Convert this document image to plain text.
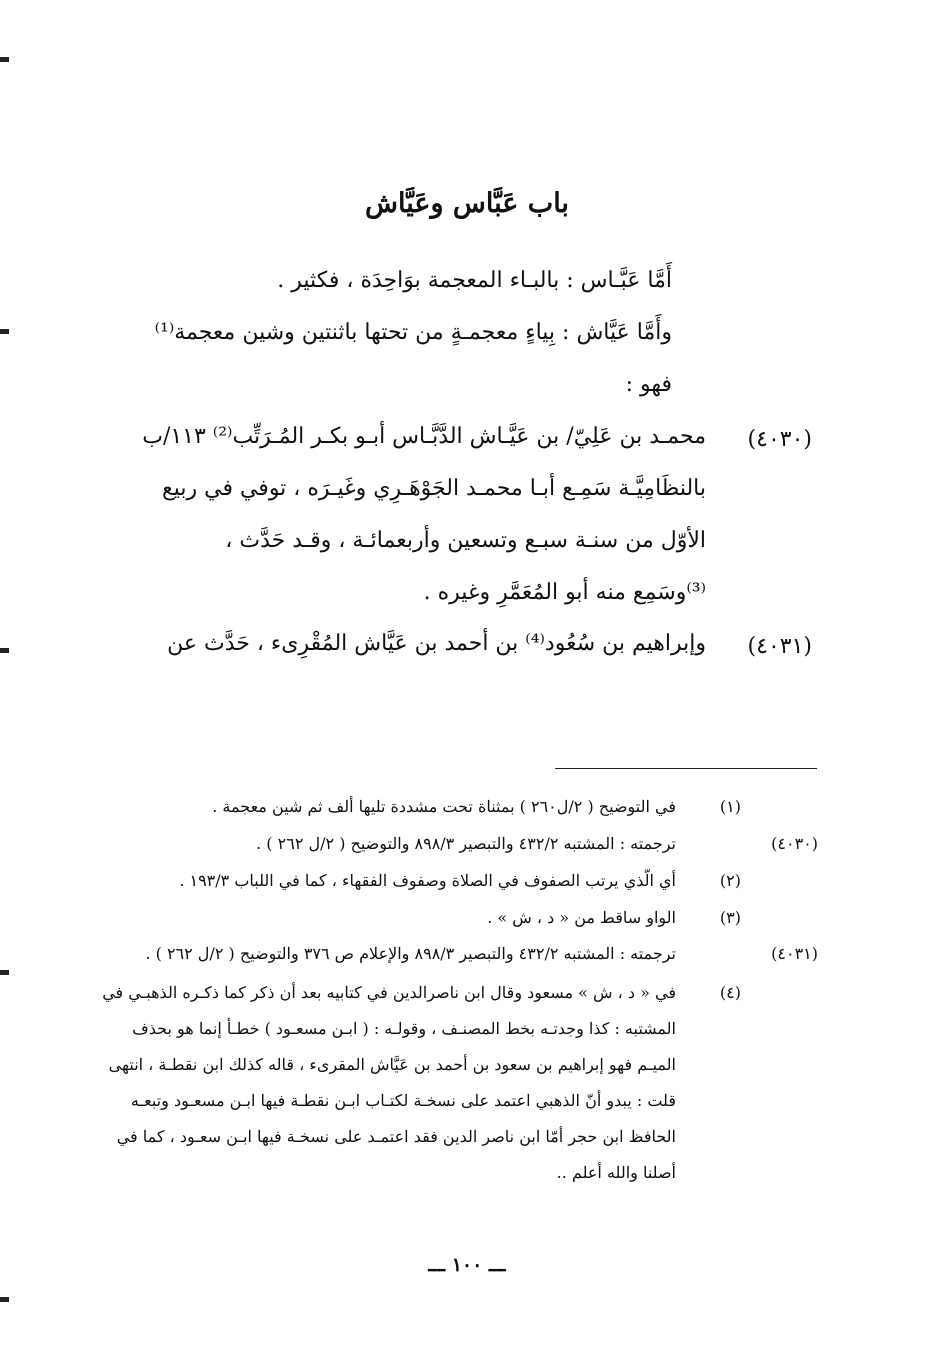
باب عَبَّاس وعَيَّاش
أَمَّا عَبَّـاس : بالبـاء المعجمة بوَاحِدَة ، فكثير .
وأَمَّا عَيَّاش : بِياءٍ معجمـةٍ من تحتها باثنتين وشين معجمة⁽¹⁾
فهو :
(٤٠٣٠)
محمـد بن عَلِيّ/ بن عَيَّـاش الدَّبَّـاس أبـو بكـر المُـرَتِّب⁽²⁾ ١١٣/ب
بالنظَامِيَّـة سَمِـع أبـا محمـد الجَوْهَـرِي وغَيـرَه ، توفي في ربيع
الأوّل من سنـة سبـع وتسعين وأربعمائـة ، وقـد حَدَّث ،
⁽³⁾وسَمِع منه أبو المُعَمَّرِ وغيره .
(٤٠٣١)
وإبراهيم بن سُعُود⁽⁴⁾ بن أحمد بن عَيَّاش المُقْرِىء ، حَدَّث عن
(١)
في التوضيح ( ٢/ل٢٦٠ ) بمثناة تحت مشددة تليها ألف ثم شين معجمة .
(٤٠٣٠)
ترجمته : المشتبه ٤٣٢/٢ والتبصير ٨٩٨/٣ والتوضيح ( ٢/ل ٢٦٢ ) .
(٢)
أي الّذي يرتب الصفوف في الصلاة وصفوف الفقهاء ، كما في اللباب ١٩٣/٣ .
(٣)
الواو ساقط من « د ، ش » .
(٤٠٣١)
ترجمته : المشتبه ٤٣٢/٢ والتبصير ٨٩٨/٣ والإعلام ص ٣٧٦ والتوضيح ( ٢/ل ٢٦٢ ) .
(٤)
في « د ، ش » مسعود وقال ابن ناصرالدين في كتابيه بعد أن ذكر كما ذكـره الذهبـي في
المشتبه : كذا وجدتـه بخط المصنـف ، وقولـه : ( ابـن مسعـود ) خطـأ إنما هو بحذف
الميـم فهو إبراهيم بن سعود بن أحمد بن عَيَّاش المقرىء ، قاله كذلك ابن نقطـة ، انتهى
قلت : يبدو أنّ الذهبي اعتمد على نسخـة لكتـاب ابـن نقطـة فيها ابـن مسعـود وتبعـه
الحافظ ابن حجر أمّا ابن ناصر الدين فقد اعتمـد على نسخـة فيها ابـن سعـود ، كما في
أصلنا والله أعلم ..
ـــ ١٠٠ ـــ
